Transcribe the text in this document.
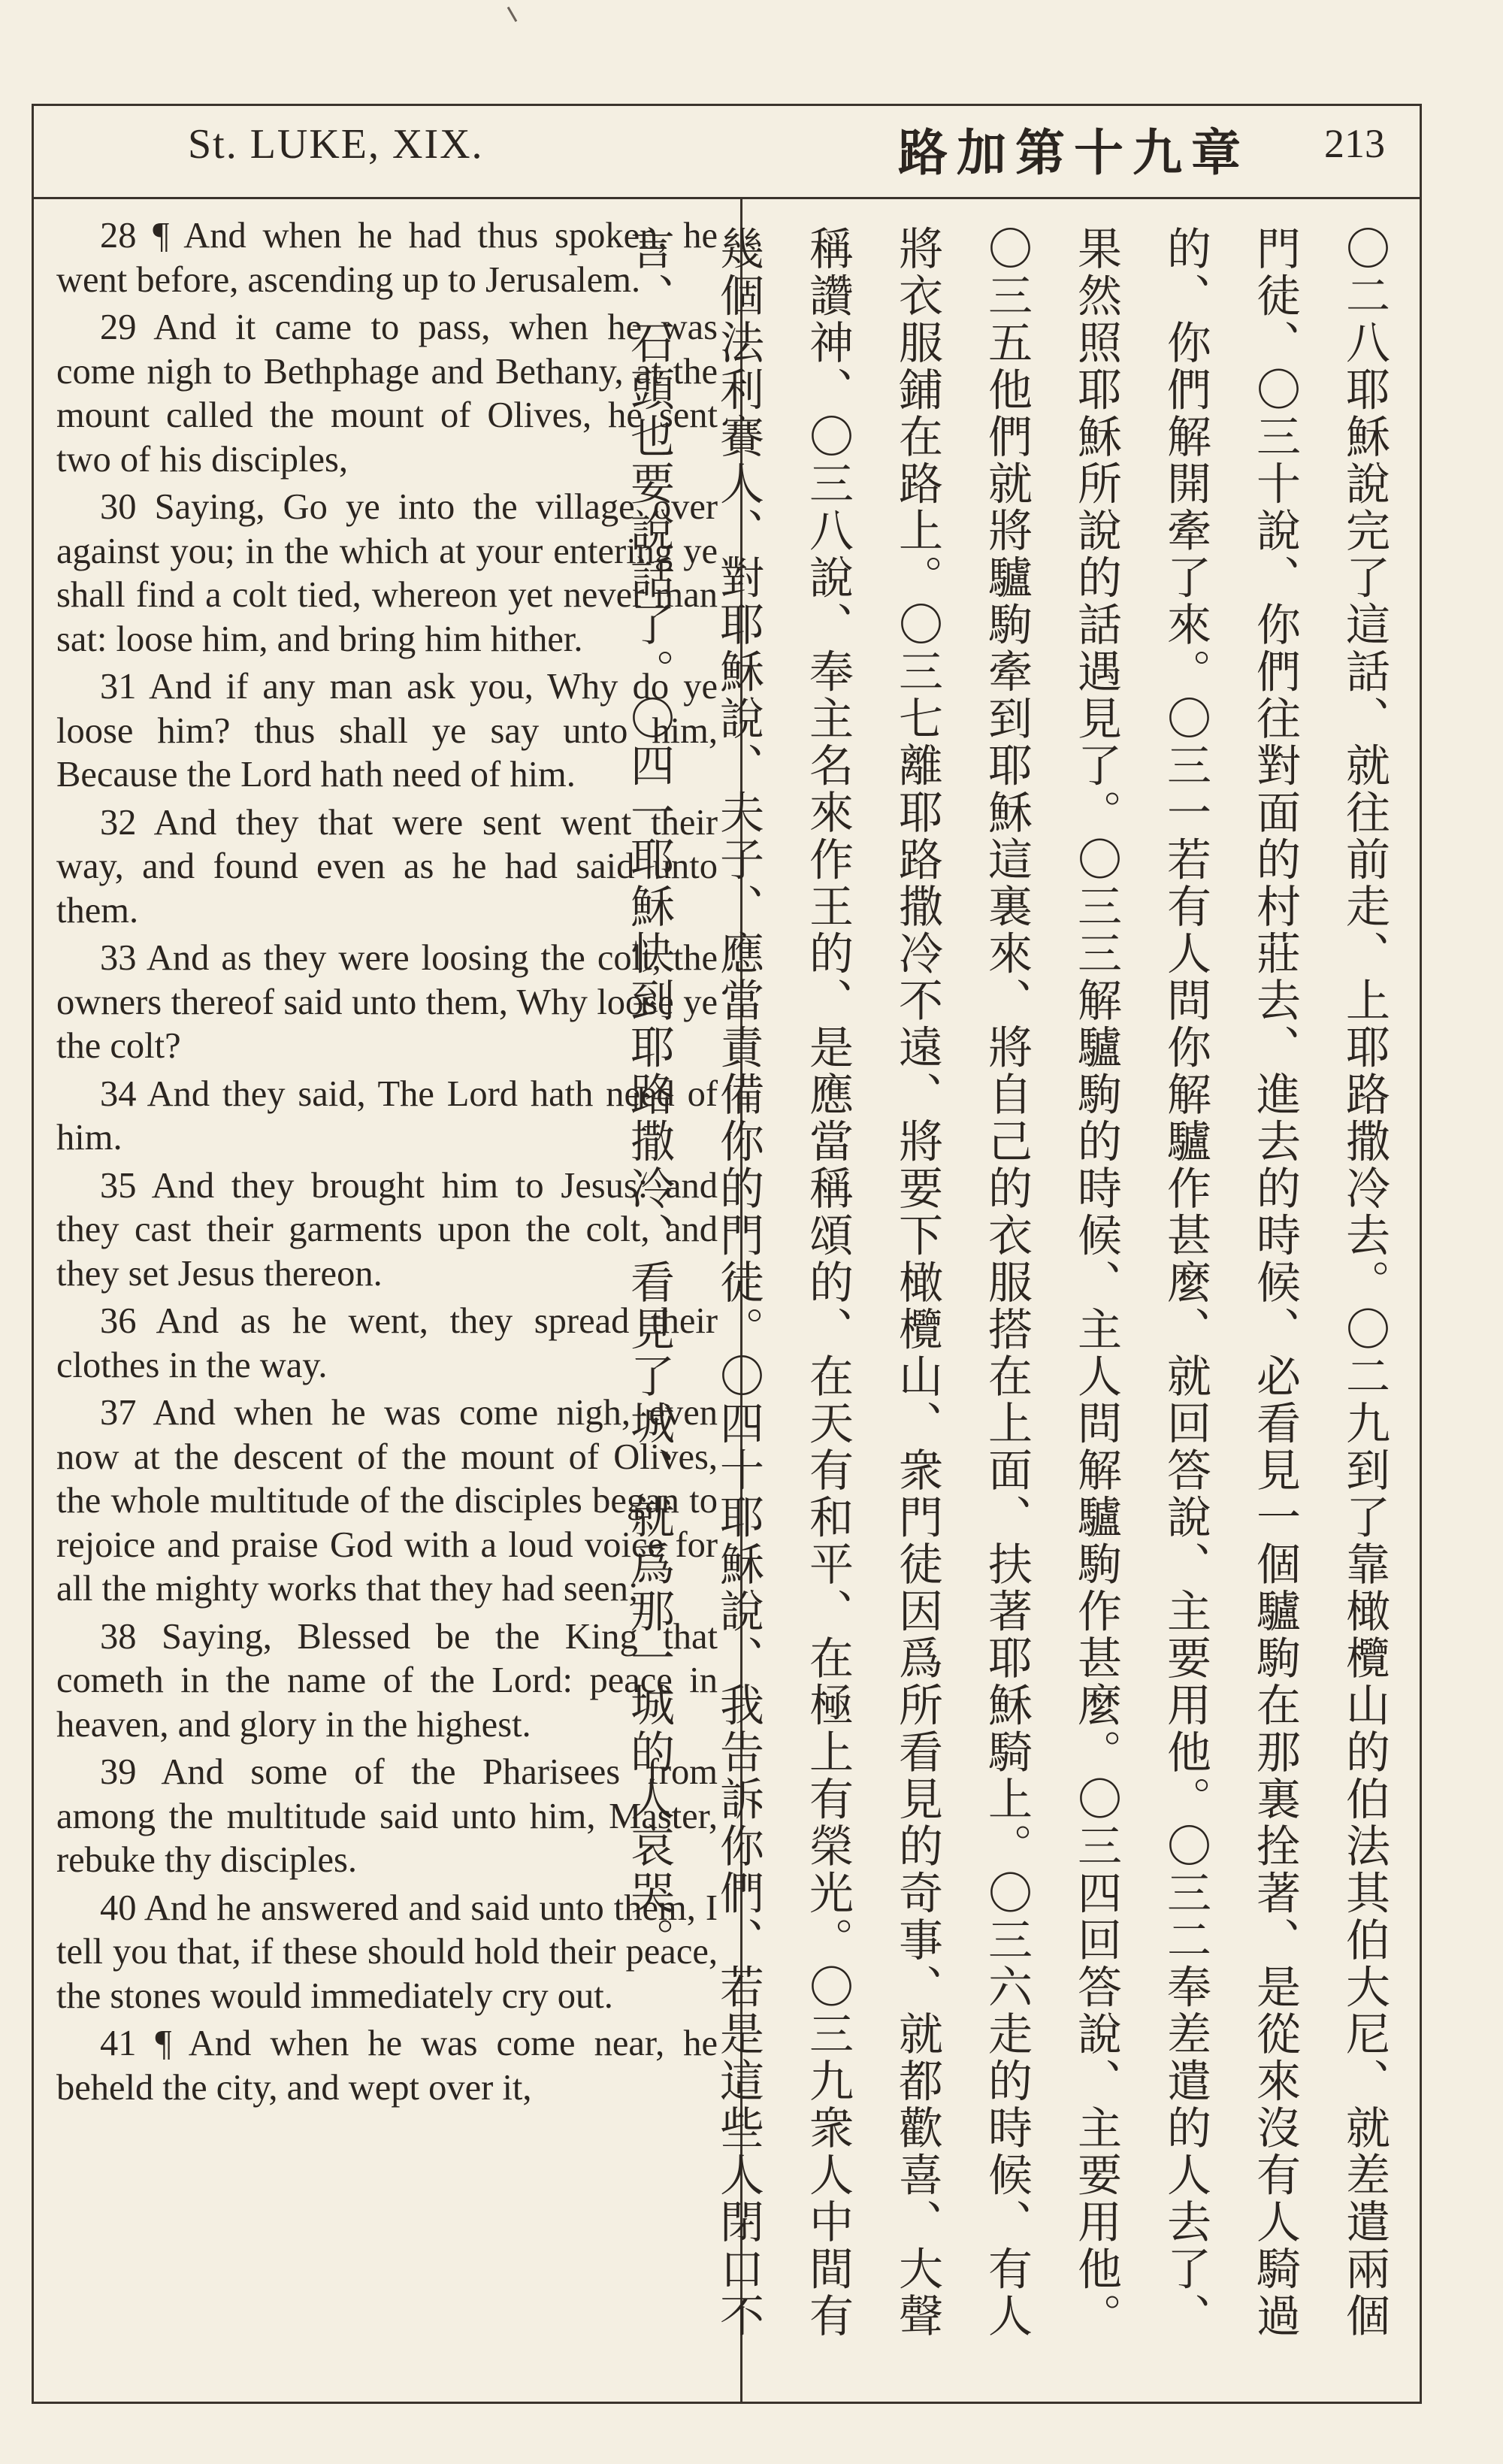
St. LUKE, XIX.	路加第十九章 213

28 ¶ And when he had thus spoken, he went before, ascending up to Jerusalem.

29 And it came to pass, when he was come nigh to Bethphage and Bethany, at the mount called the mount of Olives, he sent two of his disciples,

30 Saying, Go ye into the village over against you; in the which at your entering ye shall find a colt tied, whereon yet never man sat: loose him, and bring him hither.

31 And if any man ask you, Why do ye loose him? thus shall ye say unto him, Because the Lord hath need of him.

32 And they that were sent went their way, and found even as he had said unto them.

33 And as they were loosing the colt, the owners thereof said unto them, Why loose ye the colt?

34 And they said, The Lord hath need of him.

35 And they brought him to Jesus: and they cast their garments upon the colt, and they set Jesus thereon.

36 And as he went, they spread their clothes in the way.

37 And when he was come nigh, even now at the descent of the mount of Olives, the whole multitude of the disciples began to rejoice and praise God with a loud voice for all the mighty works that they had seen;

38 Saying, Blessed be the King that cometh in the name of the Lord: peace in heaven, and glory in the highest.

39 And some of the Pharisees from among the multitude said unto him, Master, rebuke thy disciples.

40 And he answered and said unto them, I tell you that, if these should hold their peace, the stones would immediately cry out.

41 ¶ And when he was come near, he beheld the city, and wept over it,

〇二八耶穌說完了這話、就往前走、上耶路撒冷去。〇二九到了靠橄欖山的伯法其伯大尼、就差遣兩個門徒、〇三十說、你們往對面的村莊去、進去的時候、必看見一個驢駒在那裏拴著、是從來沒有人騎過的、你們解開牽了來。〇三一若有人問你解驢作甚麼、就回答說、主要用他。〇三二奉差遣的人去了、果然照耶穌所說的話遇見了。〇三三解驢駒的時候、主人問解驢駒作甚麼。〇三四回答說、主要用他。〇三五他們就將驢駒牽到耶穌這裏來、將自己的衣服搭在上面、扶著耶穌騎上。〇三六走的時候、有人將衣服鋪在路上。〇三七離耶路撒冷不遠、將要下橄欖山、衆門徒因爲所看見的奇事、就都歡喜、大聲稱讚神、〇三八說、奉主名來作王的、是應當稱頌的、在天有和平、在極上有榮光。〇三九衆人中間有幾個法利賽人、對耶穌說、夫子、應當責備你的門徒。〇四十耶穌說、我告訴你們、若是這些人閉口不言、石頭也要說話了。〇四一耶穌快到耶路撒冷、看見了城、就爲那一城的人哀哭。
